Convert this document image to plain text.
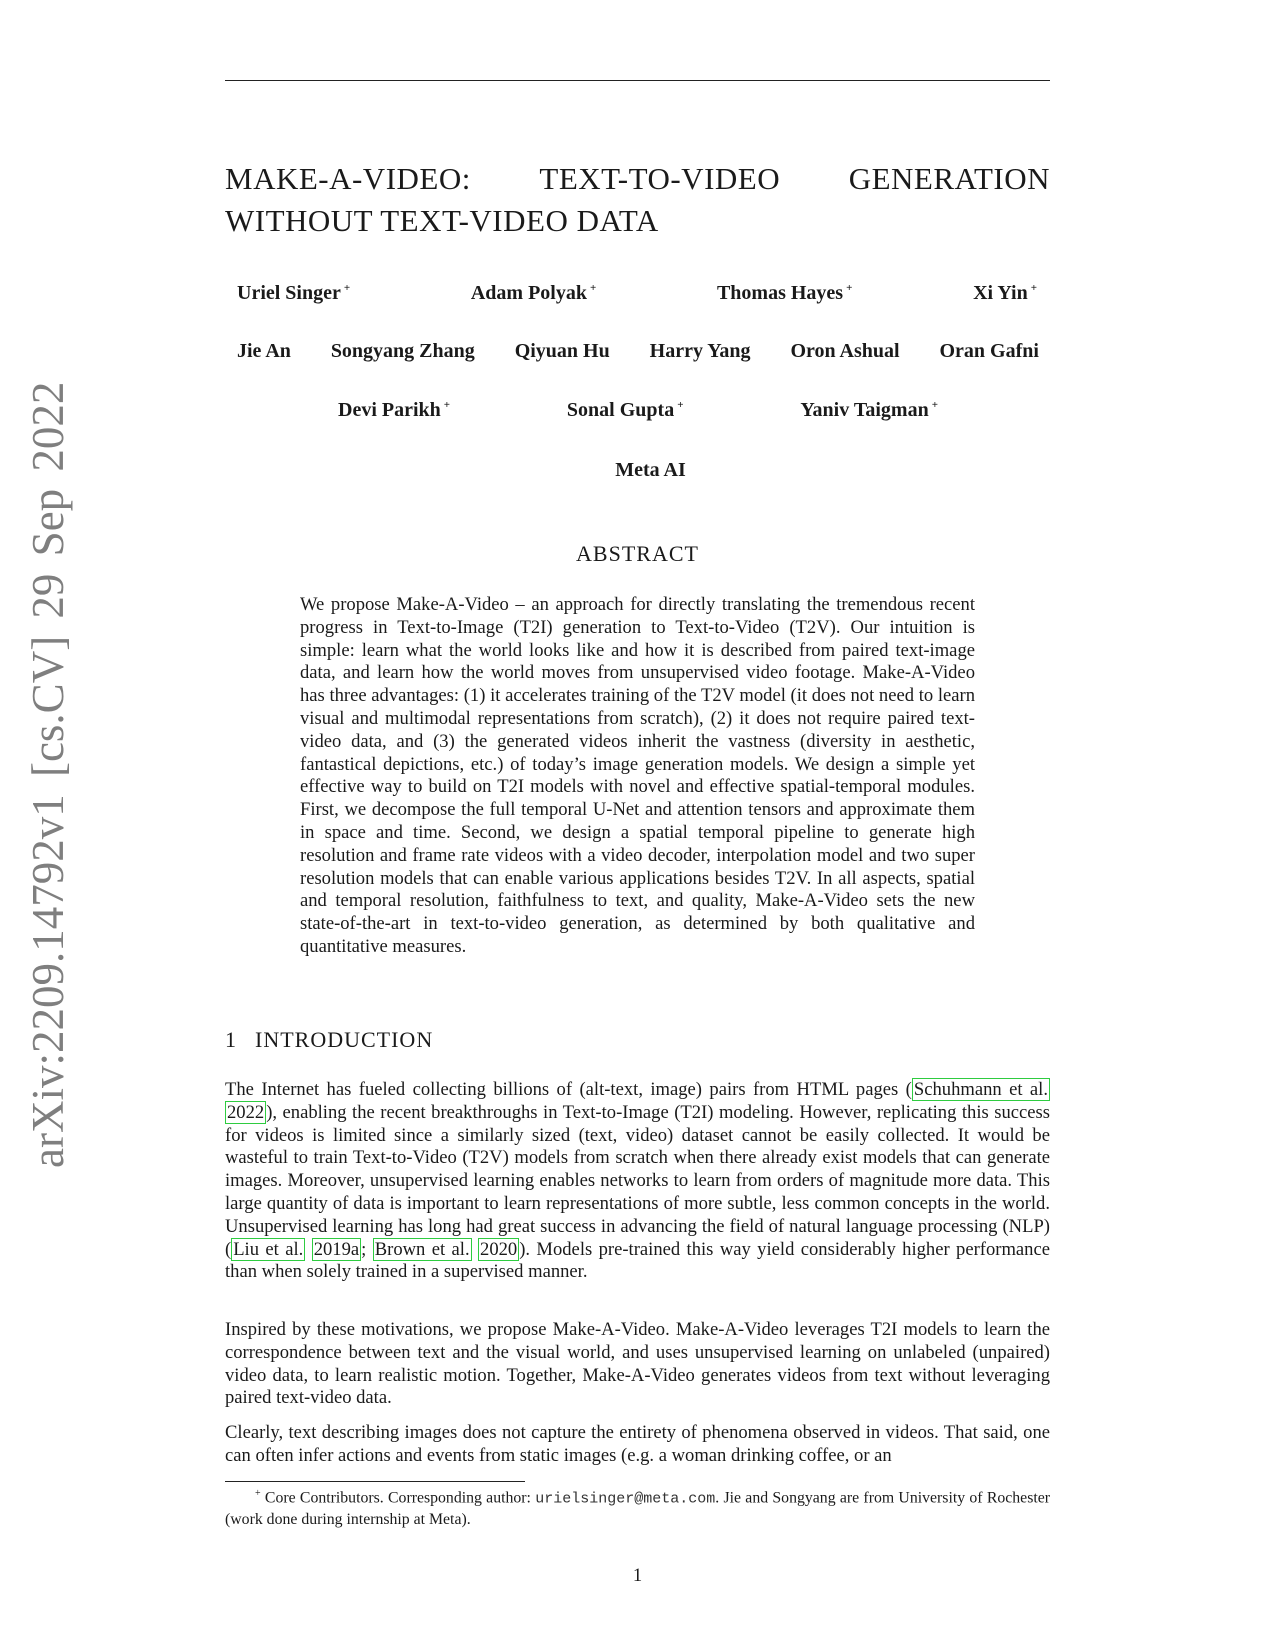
arXiv:2209.14792v1 [cs.CV] 29 Sep 2022
MAKE-A-VIDEO: TEXT-TO-VIDEO GENERATION
WITHOUT TEXT-VIDEO DATA
Uriel Singer +	Adam Polyak +	Thomas Hayes +	Xi Yin +
Jie An Songyang Zhang Qiyuan Hu Harry Yang Oron Ashual Oran Gafni
Devi Parikh +	Sonal Gupta +	Yaniv Taigman +
Meta AI
ABSTRACT

We propose Make-A-Video – an approach for directly translating the tremendous recent progress in Text-to-Image (T2I) generation to Text-to-Video (T2V). Our intuition is simple: learn what the world looks like and how it is described from paired text-image data, and learn how the world moves from unsupervised video footage. Make-A-Video has three advantages: (1) it accelerates training of the T2V model (it does not need to learn visual and multimodal representations from scratch), (2) it does not require paired text-video data, and (3) the generated videos inherit the vastness (diversity in aesthetic, fantastical depictions, etc.) of today’s image generation models. We design a simple yet effective way to build on T2I models with novel and effective spatial-temporal modules. First, we decompose the full temporal U-Net and attention tensors and approximate them in space and time. Second, we design a spatial temporal pipeline to generate high resolution and frame rate videos with a video decoder, interpolation model and two super resolution models that can enable various applications besides T2V. In all aspects, spatial and temporal resolution, faithfulness to text, and quality, Make-A-Video sets the new state-of-the-art in text-to-video generation, as determined by both qualitative and quantitative measures.

1 INTRODUCTION

The Internet has fueled collecting billions of (alt-text, image) pairs from HTML pages ( Schuhmann et al. 2022 ), enabling the recent breakthroughs in Text-to-Image (T2I) modeling. However, replicating this success for videos is limited since a similarly sized (text, video) dataset cannot be easily collected. It would be wasteful to train Text-to-Video (T2V) models from scratch when there already exist models that can generate images. Moreover, unsupervised learning enables networks to learn from orders of magnitude more data. This large quantity of data is important to learn representations of more subtle, less common concepts in the world. Unsupervised learning has long had great success in advancing the field of natural language processing (NLP) ( Liu et al. 2019a ; Brown et al. 2020 ). Models pre-trained this way yield considerably higher performance than when solely trained in a supervised manner.

Inspired by these motivations, we propose Make-A-Video. Make-A-Video leverages T2I models to learn the correspondence between text and the visual world, and uses unsupervised learning on unlabeled (unpaired) video data, to learn realistic motion. Together, Make-A-Video generates videos from text without leveraging paired text-video data.

Clearly, text describing images does not capture the entirety of phenomena observed in videos. That said, one can often infer actions and events from static images (e.g. a woman drinking coffee, or an

+ Core Contributors. Corresponding author: urielsinger@meta.com. Jie and Songyang are from University of Rochester (work done during internship at Meta).

1
